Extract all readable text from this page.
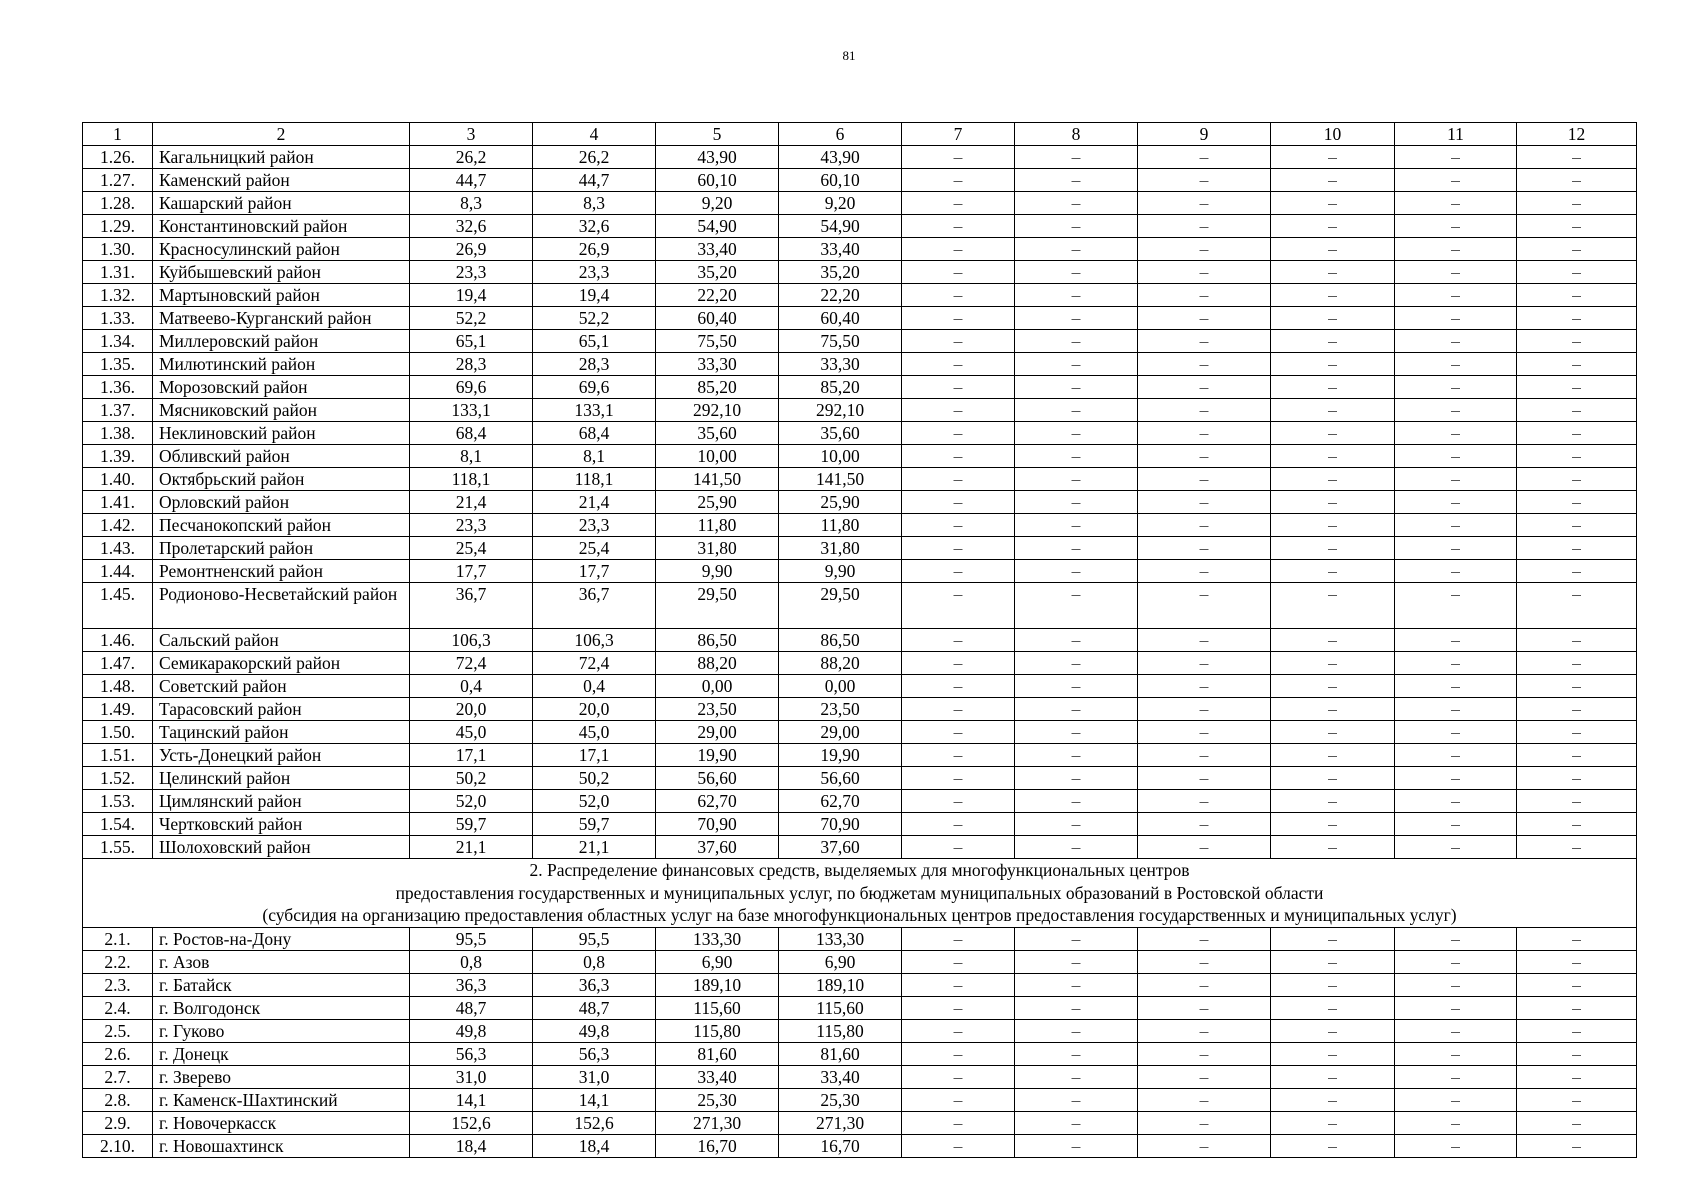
81
1	2	3	4	5	6	7	8	9	10	11	12
1.26.	Кагальницкий район	26,2	26,2	43,90	43,90	–	–	–	–	–	–
1.27.	Каменский район	44,7	44,7	60,10	60,10	–	–	–	–	–	–
1.28.	Кашарский район	8,3	8,3	9,20	9,20	–	–	–	–	–	–
1.29.	Константиновский район	32,6	32,6	54,90	54,90	–	–	–	–	–	–
1.30.	Красносулинский район	26,9	26,9	33,40	33,40	–	–	–	–	–	–
1.31.	Куйбышевский район	23,3	23,3	35,20	35,20	–	–	–	–	–	–
1.32.	Мартыновский район	19,4	19,4	22,20	22,20	–	–	–	–	–	–
1.33.	Матвеево-Курганский район	52,2	52,2	60,40	60,40	–	–	–	–	–	–
1.34.	Миллеровский район	65,1	65,1	75,50	75,50	–	–	–	–	–	–
1.35.	Милютинский район	28,3	28,3	33,30	33,30	–	–	–	–	–	–
1.36.	Морозовский район	69,6	69,6	85,20	85,20	–	–	–	–	–	–
1.37.	Мясниковский район	133,1	133,1	292,10	292,10	–	–	–	–	–	–
1.38.	Неклиновский район	68,4	68,4	35,60	35,60	–	–	–	–	–	–
1.39.	Обливский район	8,1	8,1	10,00	10,00	–	–	–	–	–	–
1.40.	Октябрьский район	118,1	118,1	141,50	141,50	–	–	–	–	–	–
1.41.	Орловский район	21,4	21,4	25,90	25,90	–	–	–	–	–	–
1.42.	Песчанокопский район	23,3	23,3	11,80	11,80	–	–	–	–	–	–
1.43.	Пролетарский район	25,4	25,4	31,80	31,80	–	–	–	–	–	–
1.44.	Ремонтненский район	17,7	17,7	9,90	9,90	–	–	–	–	–	–
1.45.	Родионово-Несветайский район	36,7	36,7	29,50	29,50	–	–	–	–	–	–
1.46.	Сальский район	106,3	106,3	86,50	86,50	–	–	–	–	–	–
1.47.	Семикаракорский район	72,4	72,4	88,20	88,20	–	–	–	–	–	–
1.48.	Советский район	0,4	0,4	0,00	0,00	–	–	–	–	–	–
1.49.	Тарасовский район	20,0	20,0	23,50	23,50	–	–	–	–	–	–
1.50.	Тацинский район	45,0	45,0	29,00	29,00	–	–	–	–	–	–
1.51.	Усть-Донецкий район	17,1	17,1	19,90	19,90	–	–	–	–	–	–
1.52.	Целинский район	50,2	50,2	56,60	56,60	–	–	–	–	–	–
1.53.	Цимлянский район	52,0	52,0	62,70	62,70	–	–	–	–	–	–
1.54.	Чертковский район	59,7	59,7	70,90	70,90	–	–	–	–	–	–
1.55.	Шолоховский район	21,1	21,1	37,60	37,60	–	–	–	–	–	–

2. Распределение финансовых средств, выделяемых для многофункциональных центров
предоставления государственных и муниципальных услуг, по бюджетам муниципальных образований в Ростовской области
(субсидия на организацию предоставления областных услуг на базе многофункциональных центров предоставления государственных и муниципальных услуг)											

2.1.	г. Ростов-на-Дону	95,5	95,5	133,30	133,30	–	–	–	–	–	–
2.2.	г. Азов	0,8	0,8	6,90	6,90	–	–	–	–	–	–
2.3.	г. Батайск	36,3	36,3	189,10	189,10	–	–	–	–	–	–
2.4.	г. Волгодонск	48,7	48,7	115,60	115,60	–	–	–	–	–	–
2.5.	г. Гуково	49,8	49,8	115,80	115,80	–	–	–	–	–	–
2.6.	г. Донецк	56,3	56,3	81,60	81,60	–	–	–	–	–	–
2.7.	г. Зверево	31,0	31,0	33,40	33,40	–	–	–	–	–	–
2.8.	г. Каменск-Шахтинский	14,1	14,1	25,30	25,30	–	–	–	–	–	–
2.9.	г. Новочеркасск	152,6	152,6	271,30	271,30	–	–	–	–	–	–
2.10.	г. Новошахтинск	18,4	18,4	16,70	16,70	–	–	–	–	–	–
